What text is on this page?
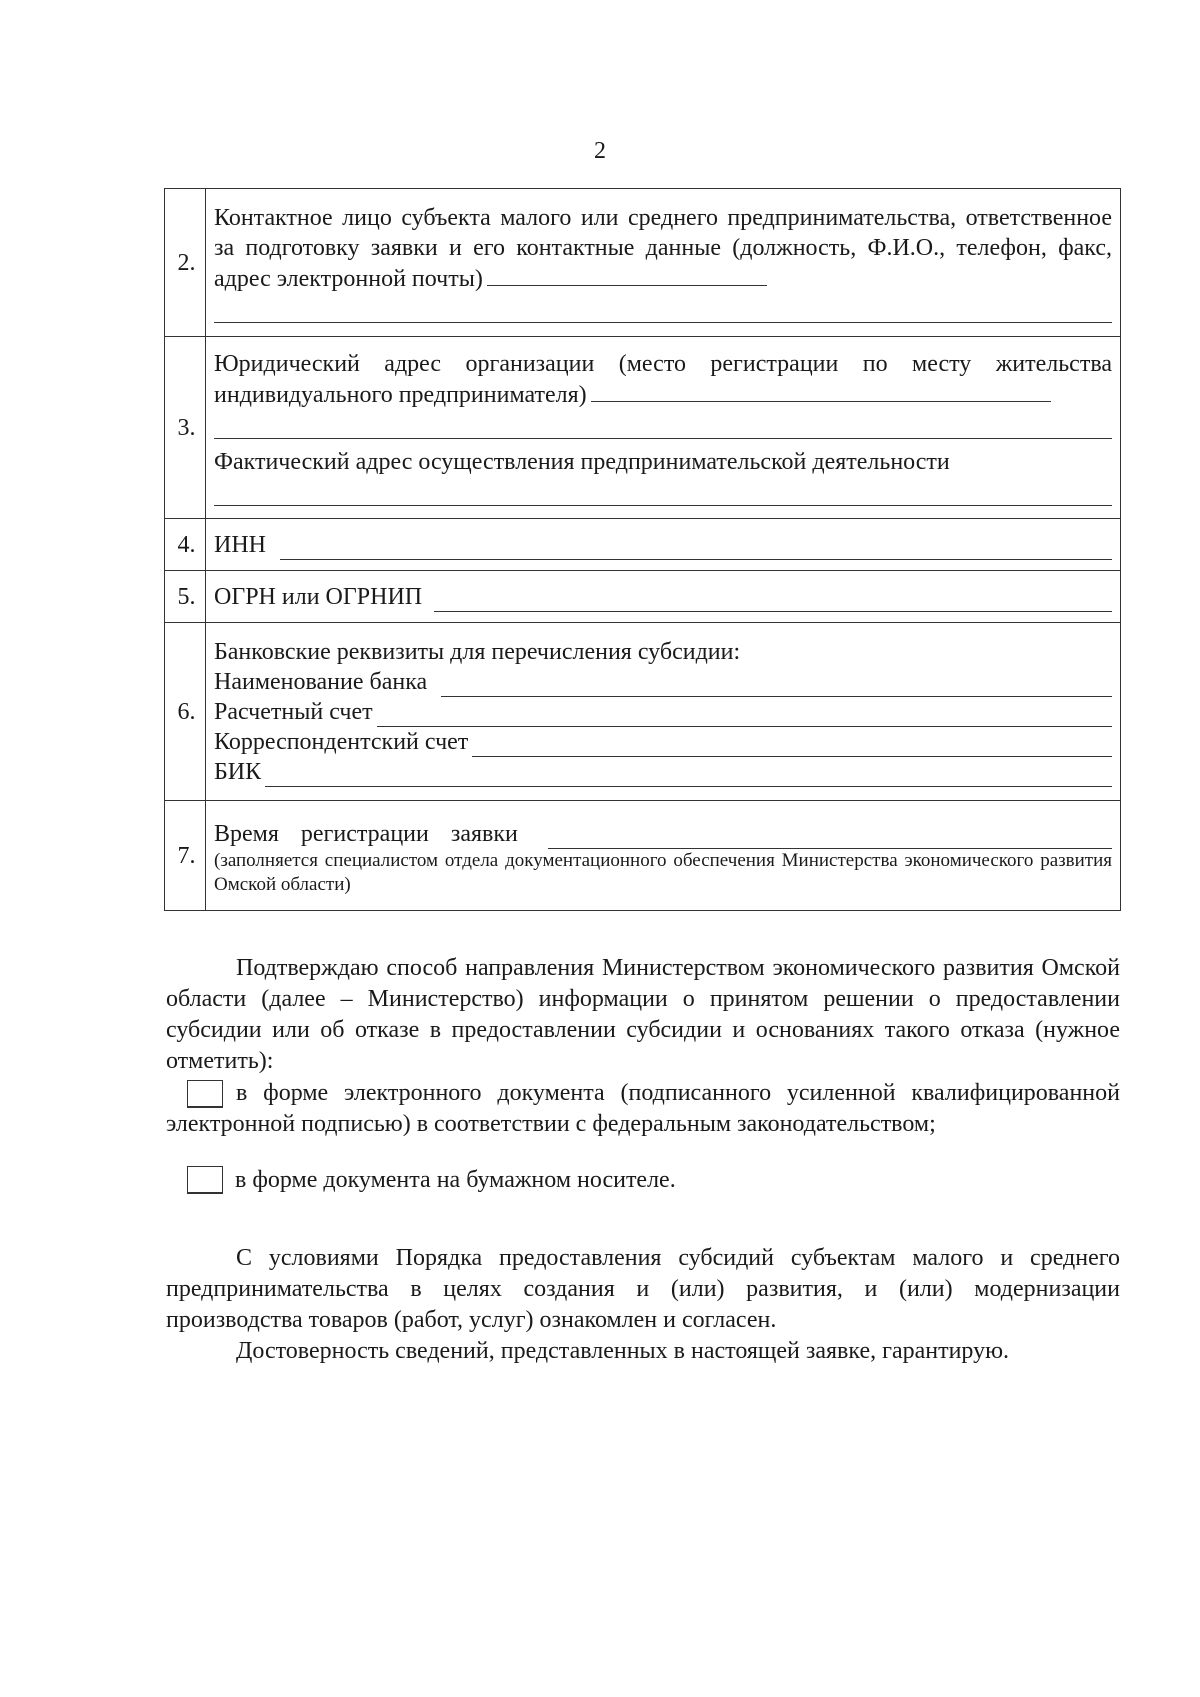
2
2.	Контактное лицо субъекта малого или среднего предпринимательства, ответственное за подготовку заявки и его контактные данные (должность, Ф.И.О., телефон, факс, адрес электронной почты)

3.	Юридический адрес организации (место регистрации по месту жительства индивидуального предпринимателя)
Фактический адрес осуществления предпринимательской деятельности

4.	ИНН

5.	ОГРН или ОГРНИП

6.	Банковские реквизиты для перечисления субсидии:
Наименование банка
Расчетный счет
Корреспондентский счет
БИК

7.	Время регистрации заявки
(заполняется специалистом отдела документационного обеспечения Министерства экономического развития Омской области)
Подтверждаю способ направления Министерством экономического развития Омской области (далее – Министерство) информации о принятом решении о предоставлении субсидии или об отказе в предоставлении субсидии и основаниях такого отказа (нужное отметить):
в форме электронного документа (подписанного усиленной квалифицированной электронной подписью) в соответствии с федеральным законодательством;
в форме документа на бумажном носителе.
С условиями Порядка предоставления субсидий субъектам малого и среднего предпринимательства в целях создания и (или) развития, и (или) модернизации производства товаров (работ, услуг) ознакомлен и согласен.
Достоверность сведений, представленных в настоящей заявке, гарантирую.
